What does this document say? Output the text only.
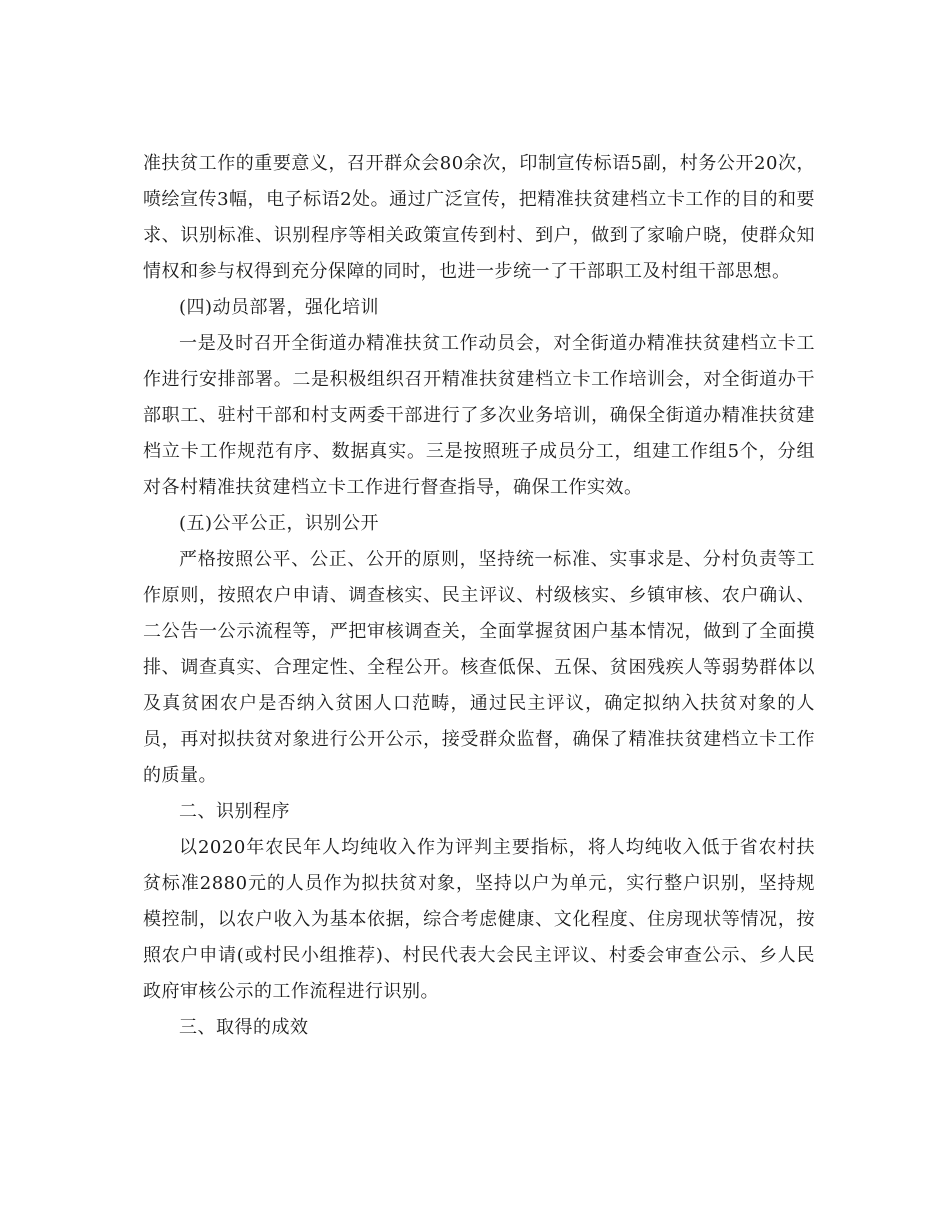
准扶贫工作的重要意义，召开群众会80余次，印制宣传标语5副，村务公开20次，喷绘宣传3幅，电子标语2处。通过广泛宣传，把精准扶贫建档立卡工作的目的和要求、识别标准、识别程序等相关政策宣传到村、到户，做到了家喻户晓，使群众知情权和参与权得到充分保障的同时，也进一步统一了干部职工及村组干部思想。

(四)动员部署，强化培训

一是及时召开全街道办精准扶贫工作动员会，对全街道办精准扶贫建档立卡工作进行安排部署。二是积极组织召开精准扶贫建档立卡工作培训会，对全街道办干部职工、驻村干部和村支两委干部进行了多次业务培训，确保全街道办精准扶贫建档立卡工作规范有序、数据真实。三是按照班子成员分工，组建工作组5个，分组对各村精准扶贫建档立卡工作进行督查指导，确保工作实效。

(五)公平公正，识别公开

严格按照公平、公正、公开的原则，坚持统一标准、实事求是、分村负责等工作原则，按照农户申请、调查核实、民主评议、村级核实、乡镇审核、农户确认、二公告一公示流程等，严把审核调查关，全面掌握贫困户基本情况，做到了全面摸排、调查真实、合理定性、全程公开。核查低保、五保、贫困残疾人等弱势群体以及真贫困农户是否纳入贫困人口范畴，通过民主评议，确定拟纳入扶贫对象的人员，再对拟扶贫对象进行公开公示，接受群众监督，确保了精准扶贫建档立卡工作的质量。

二、识别程序

以2020年农民年人均纯收入作为评判主要指标，将人均纯收入低于省农村扶贫标准2880元的人员作为拟扶贫对象，坚持以户为单元，实行整户识别，坚持规模控制，以农户收入为基本依据，综合考虑健康、文化程度、住房现状等情况，按照农户申请(或村民小组推荐)、村民代表大会民主评议、村委会审查公示、乡人民政府审核公示的工作流程进行识别。

三、取得的成效
